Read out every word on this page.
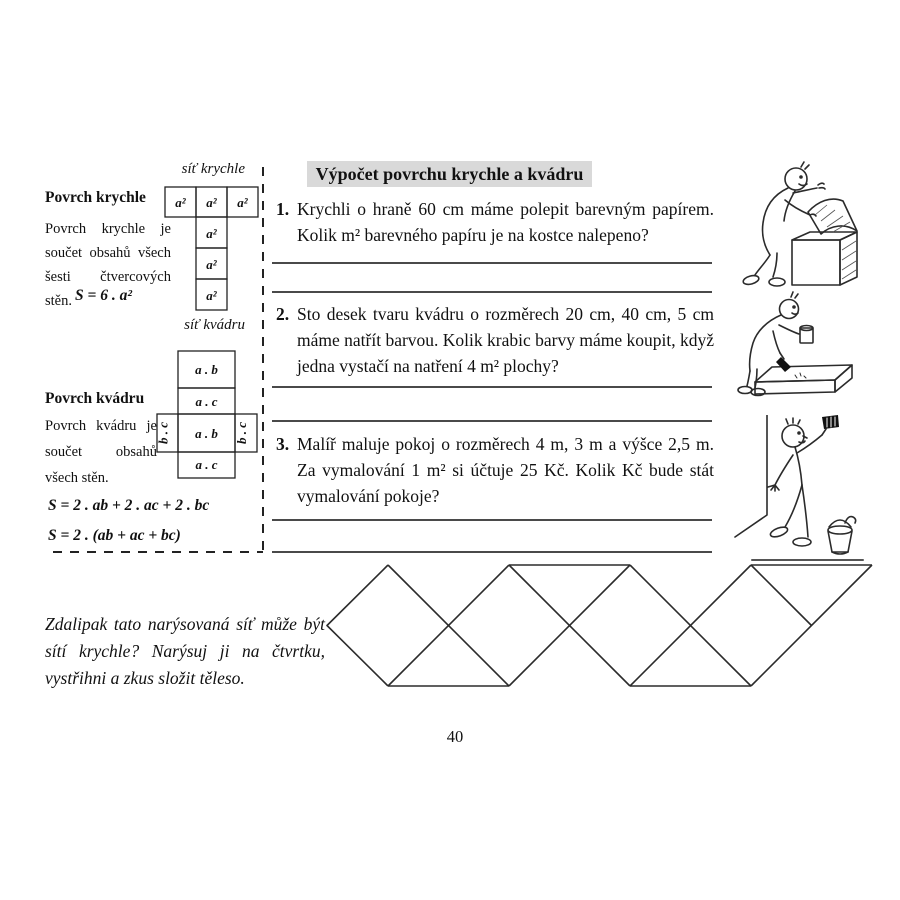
síť krychle
a² a² a²
a²
a²
a²
Povrch krychle
Povrch krychle je součet obsahů všech šesti čtvercových stěn. S = 6 . a²
síť kvádru
a . b
a . c
b . c a . b b . c
a . c
Povrch kvádru
Povrch kvádru je součet obsahů všech stěn.
S = 2 . ab + 2 . ac + 2 . bc
S = 2 . (ab + ac + bc)
Výpočet povrchu krychle a kvádru
1. Krychli o hraně 60 cm máme polepit barevným papírem. Kolik m² barevného papíru je na kostce nalepeno?
2. Sto desek tvaru kvádru o rozměrech 20 cm, 40 cm, 5 cm máme natřít barvou. Kolik krabic barvy máme koupit, když jedna vystačí na natření 4 m² plochy?
3. Malíř maluje pokoj o rozměrech 4 m, 3 m a výšce 2,5 m. Za vymalování 1 m² si účtuje 25 Kč. Kolik Kč bude stát vymalování pokoje?
Zdalipak tato narýsovaná síť může být sítí krychle? Narýsuj ji na čtvrtku, vystřihni a zkus složit těleso.
40
